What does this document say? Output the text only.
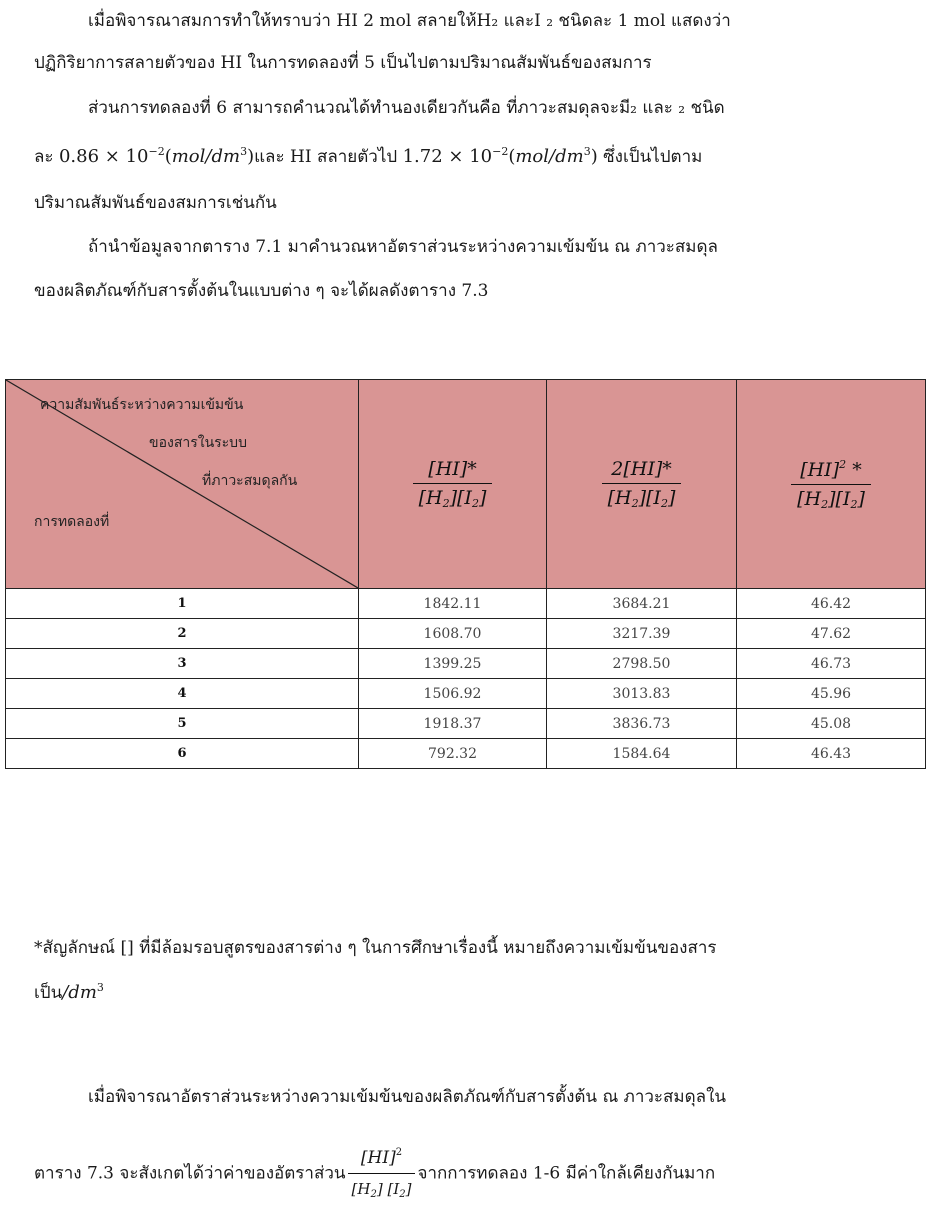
เมื่อพิจารณาสมการทำให้ทราบว่า HI 2 mol สลายให้H₂ และI ₂ ชนิดละ 1 mol แสดงว่า
ปฏิกิริยาการสลายตัวของ HI ในการทดลองที่ 5 เป็นไปตามปริมาณสัมพันธ์ของสมการ
ส่วนการทดลองที่ 6 สามารถคำนวณได้ทำนองเดียวกันคือ ที่ภาวะสมดุลจะมี₂ และ ₂ ชนิด
ละ $0.86 \times 10^{-2}(mol/dm^3)$และ HI สลายตัวไป $1.72 \times 10^{-2}(mol/dm^3)$ ซึ่งเป็นไปตาม
ปริมาณสัมพันธ์ของสมการเช่นกัน
ถ้านำข้อมูลจากตาราง 7.1 มาคำนวณหาอัตราส่วนระหว่างความเข้มข้น ณ ภาวะสมดุล
ของผลิตภัณฑ์กับสารตั้งต้นในแบบต่าง ๆ จะได้ผลดังตาราง 7.3
ความสัมพันธ์ระหว่างความเข้มข้น
ของสารในระบบ
ที่ภาวะสมดุลกัน
การทดลองที่	$\frac{[HI]*}{[H_2][I_2]}$	$\frac{2[HI]*}{[H_2][I_2]}$	$\frac{[HI]^2 *}{[H_2][I_2]}$

1	1842.11	3684.21	46.42
2	1608.70	3217.39	47.62
3	1399.25	2798.50	46.73
4	1506.92	3013.83	45.96
5	1918.37	3836.73	45.08
6	792.32	1584.64	46.43
*สัญลักษณ์ [] ที่มีล้อมรอบสูตรของสารต่าง ๆ ในการศึกษาเรื่องนี้ หมายถึงความเข้มข้นของสาร
เป็น$/dm^3$
เมื่อพิจารณาอัตราส่วนระหว่างความเข้มข้นของผลิตภัณฑ์กับสารตั้งต้น ณ ภาวะสมดุลใน
ตาราง 7.3 จะสังเกตได้ว่าค่าของอัตราส่วน $\frac{[HI]^2}{[H_2] [I_2]}$ จากการทดลอง 1-6 มีค่าใกล้เคียงกันมาก
